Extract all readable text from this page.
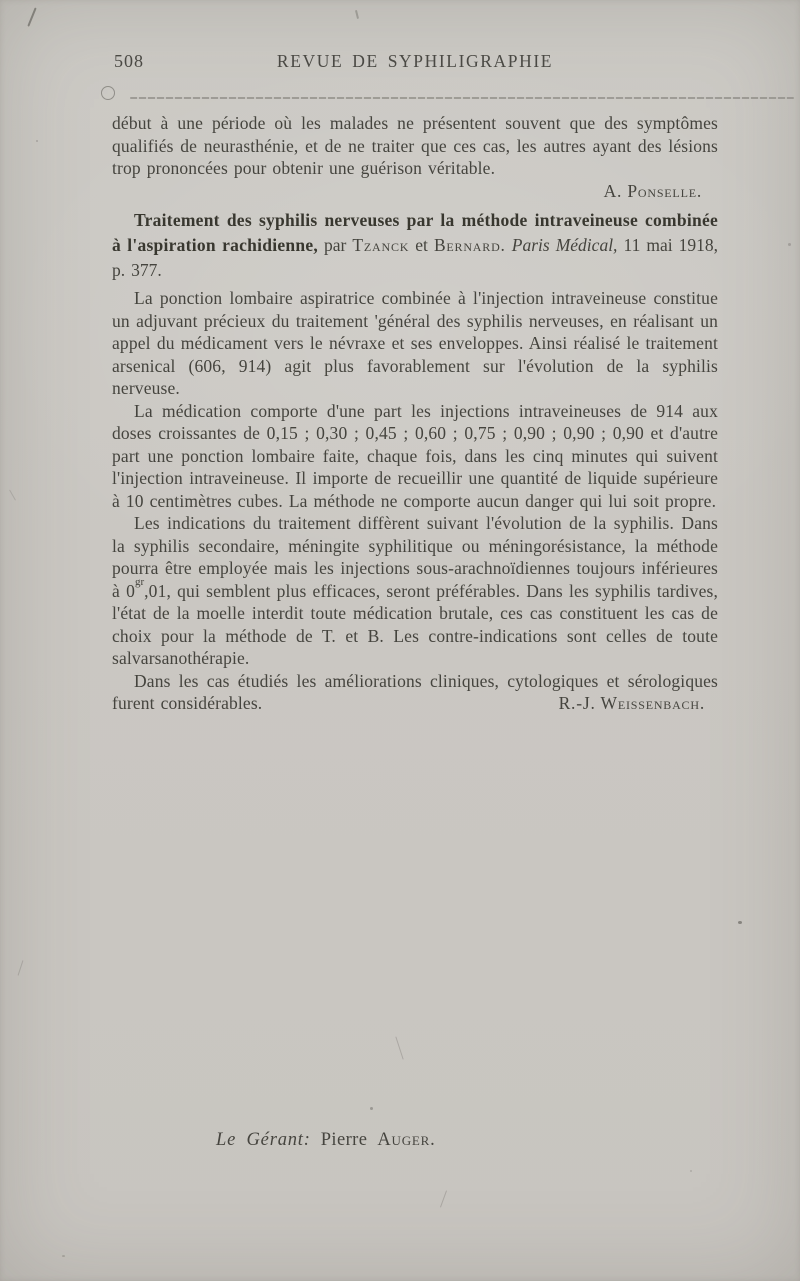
508	REVUE DE SYPHILIGRAPHIE

début à une période où les malades ne présentent souvent que des symptômes qualifiés de neurasthénie, et de ne traiter que ces cas, les autres ayant des lésions trop prononcées pour obtenir une guérison véritable.

A. Ponselle.

Traitement des syphilis nerveuses par la méthode intraveineuse combinée à l'aspiration rachidienne, par Tzanck et Bernard. Paris Médical, 11 mai 1918, p. 377.

La ponction lombaire aspiratrice combinée à l'injection intraveineuse constitue un adjuvant précieux du traitement 'général des syphilis nerveuses, en réalisant un appel du médicament vers le névraxe et ses enveloppes. Ainsi réalisé le traitement arsenical (606, 914) agit plus favorablement sur l'évolution de la syphilis nerveuse.

La médication comporte d'une part les injections intraveineuses de 914 aux doses croissantes de 0,15 ; 0,30 ; 0,45 ; 0,60 ; 0,75 ; 0,90 ; 0,90 ; 0,90 et d'autre part une ponction lombaire faite, chaque fois, dans les cinq minutes qui suivent l'injection intraveineuse. Il importe de recueillir une quantité de liquide supérieure à 10 centimètres cubes. La méthode ne comporte aucun danger qui lui soit propre.

Les indications du traitement diffèrent suivant l'évolution de la syphilis. Dans la syphilis secondaire, méningite syphilitique ou méningorésistance, la méthode pourra être employée mais les injections sous-arachnoïdiennes toujours inférieures à $0^{gr},01$, qui semblent plus efficaces, seront préférables. Dans les syphilis tardives, l'état de la moelle interdit toute médication brutale, ces cas constituent les cas de choix pour la méthode de T. et B. Les contre-indications sont celles de toute salvarsanothérapie.

Dans les cas étudiés les améliorations cliniques, cytologiques et sérologiques furent considérables.	R.-J. Weissenbach.
Le Gérant: Pierre Auger.
